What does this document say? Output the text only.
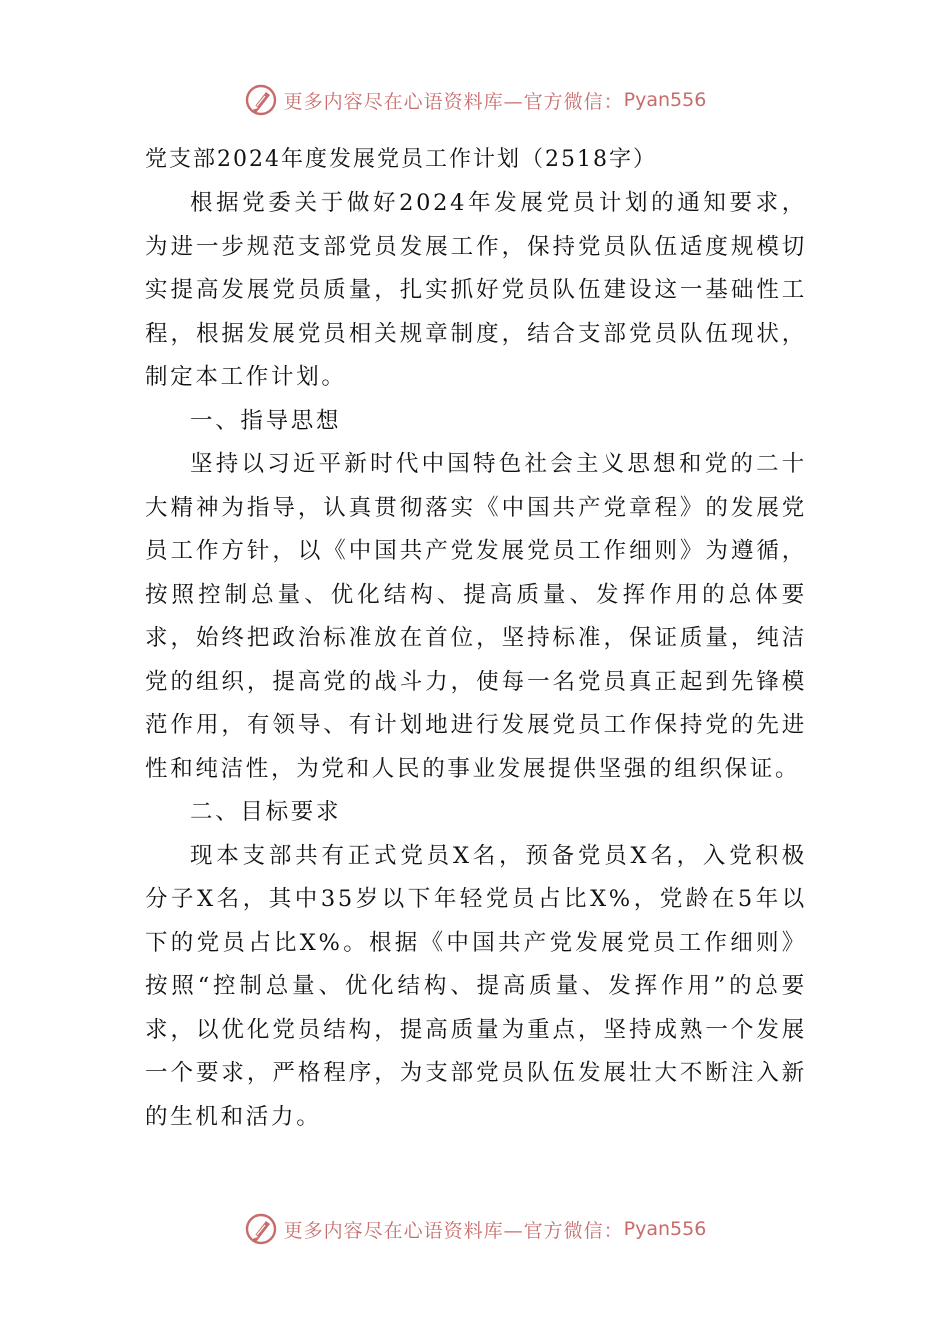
更多内容尽在心语资料库—官方微信： Pyan556
党支部2024年度发展党员工作计划（2518字）

根据党委关于做好2024年发展党员计划的通知要求，为进一步规范支部党员发展工作，保持党员队伍适度规模切实提高发展党员质量，扎实抓好党员队伍建设这一基础性工程，根据发展党员相关规章制度，结合支部党员队伍现状，制定本工作计划。

一、指导思想

坚持以习近平新时代中国特色社会主义思想和党的二十大精神为指导，认真贯彻落实《中国共产党章程》的发展党员工作方针，以《中国共产党发展党员工作细则》为遵循，按照控制总量、优化结构、提高质量、发挥作用的总体要求，始终把政治标准放在首位，坚持标准，保证质量，纯洁党的组织，提高党的战斗力，使每一名党员真正起到先锋模范作用，有领导、有计划地进行发展党员工作保持党的先进性和纯洁性，为党和人民的事业发展提供坚强的组织保证。

二、目标要求

现本支部共有正式党员X名，预备党员X名，入党积极分子X名，其中35岁以下年轻党员占比X%，党龄在5年以下的党员占比X%。根据《中国共产党发展党员工作细则》按照“控制总量、优化结构、提高质量、发挥作用”的总要求，以优化党员结构，提高质量为重点，坚持成熟一个发展一个要求，严格程序，为支部党员队伍发展壮大不断注入新的生机和活力。

更多内容尽在心语资料库—官方微信： Pyan556
